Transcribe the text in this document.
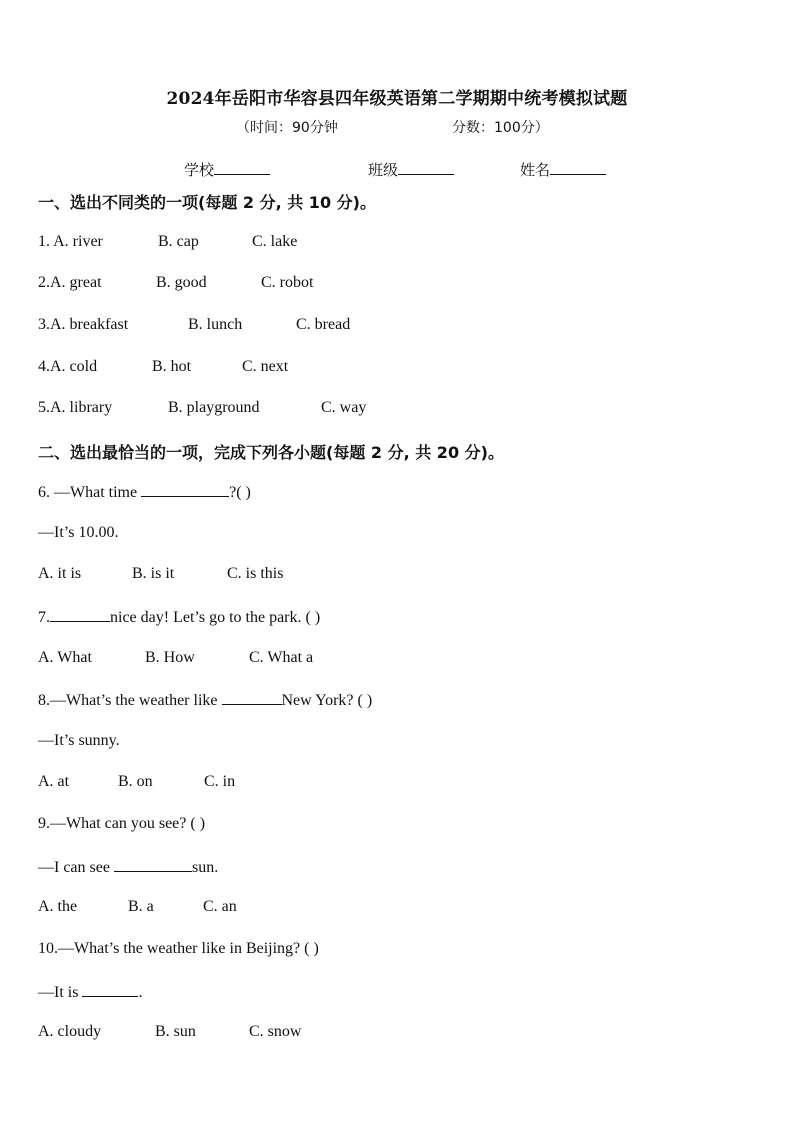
2024年岳阳市华容县四年级英语第二学期期中统考模拟试题
（时间：90分钟	分数：100分）
学校	班级	姓名
一、选出不同类的一项(每题 2 分, 共 10 分)。
1. A. river	B. cap	C. lake
2.A. great	B. good	C. robot
3.A. breakfast	B. lunch	C. bread
4.A. cold	B. hot	C. next
5.A. library	B. playground	C. way
二、选出最恰当的一项，完成下列各小题(每题 2 分, 共 20 分)。
6. —What time	?( )
—It’s 10.00.
A. it is	B. is it	C. is this
7.	nice day! Let’s go to the park. ( )
A. What	B. How	C. What a
8.—What’s the weather like	New York? ( )
—It’s sunny.
A. at	B. on	C. in
9.—What can you see? ( )
—I can see	sun.
A. the	B. a	C. an
10.—What’s the weather like in Beijing? ( )
—It is	.
A. cloudy	B. sun	C. snow
